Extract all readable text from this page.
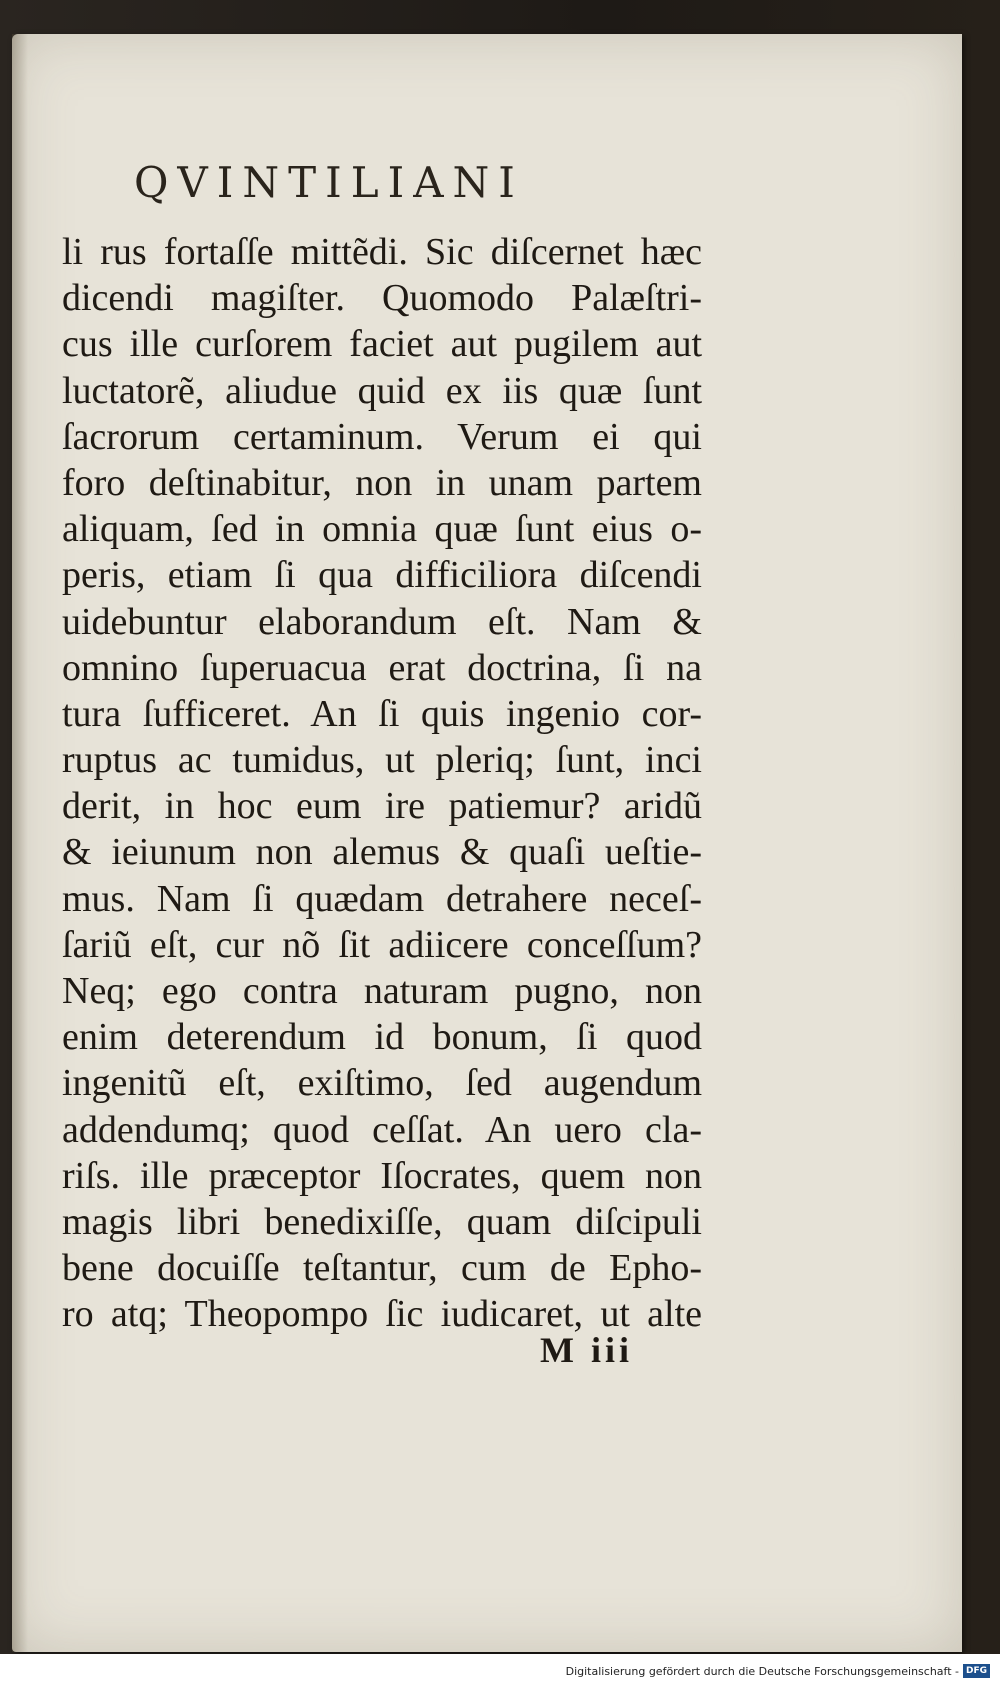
QVINTILIANI
li rus fortaſſe mittẽdi. Sic diſcernet hæc
dicendi magiſter. Quomodo Palæſtri-
cus ille curſorem faciet aut pugilem aut
luctatorẽ, aliudue quid ex iis quæ ſunt
ſacrorum certaminum. Verum ei qui
foro deſtinabitur, non in unam partem
aliquam, ſed in omnia quæ ſunt eius o-
peris, etiam ſi qua difficiliora diſcendi
uidebuntur elaborandum eſt. Nam &
omnino ſuperuacua erat doctrina, ſi na
tura ſufficeret. An ſi quis ingenio cor-
ruptus ac tumidus, ut pleriq; ſunt, inci
derit, in hoc eum ire patiemur? aridũ
& ieiunum non alemus & quaſi ueſtie-
mus. Nam ſi quædam detrahere neceſ-
ſariũ eſt, cur nõ ſit adiicere conceſſum?
Neq; ego contra naturam pugno, non
enim deterendum id bonum, ſi quod
ingenitũ eſt, exiſtimo, ſed augendum
addendumq; quod ceſſat. An uero cla-
riſs. ille præceptor Iſocrates, quem non
magis libri benedixiſſe, quam diſcipuli
bene docuiſſe teſtantur, cum de Epho-
ro atq; Theopompo ſic iudicaret, ut alte
M iii
Digitalisierung gefördert durch die Deutsche Forschungsgemeinschaft - DFG
